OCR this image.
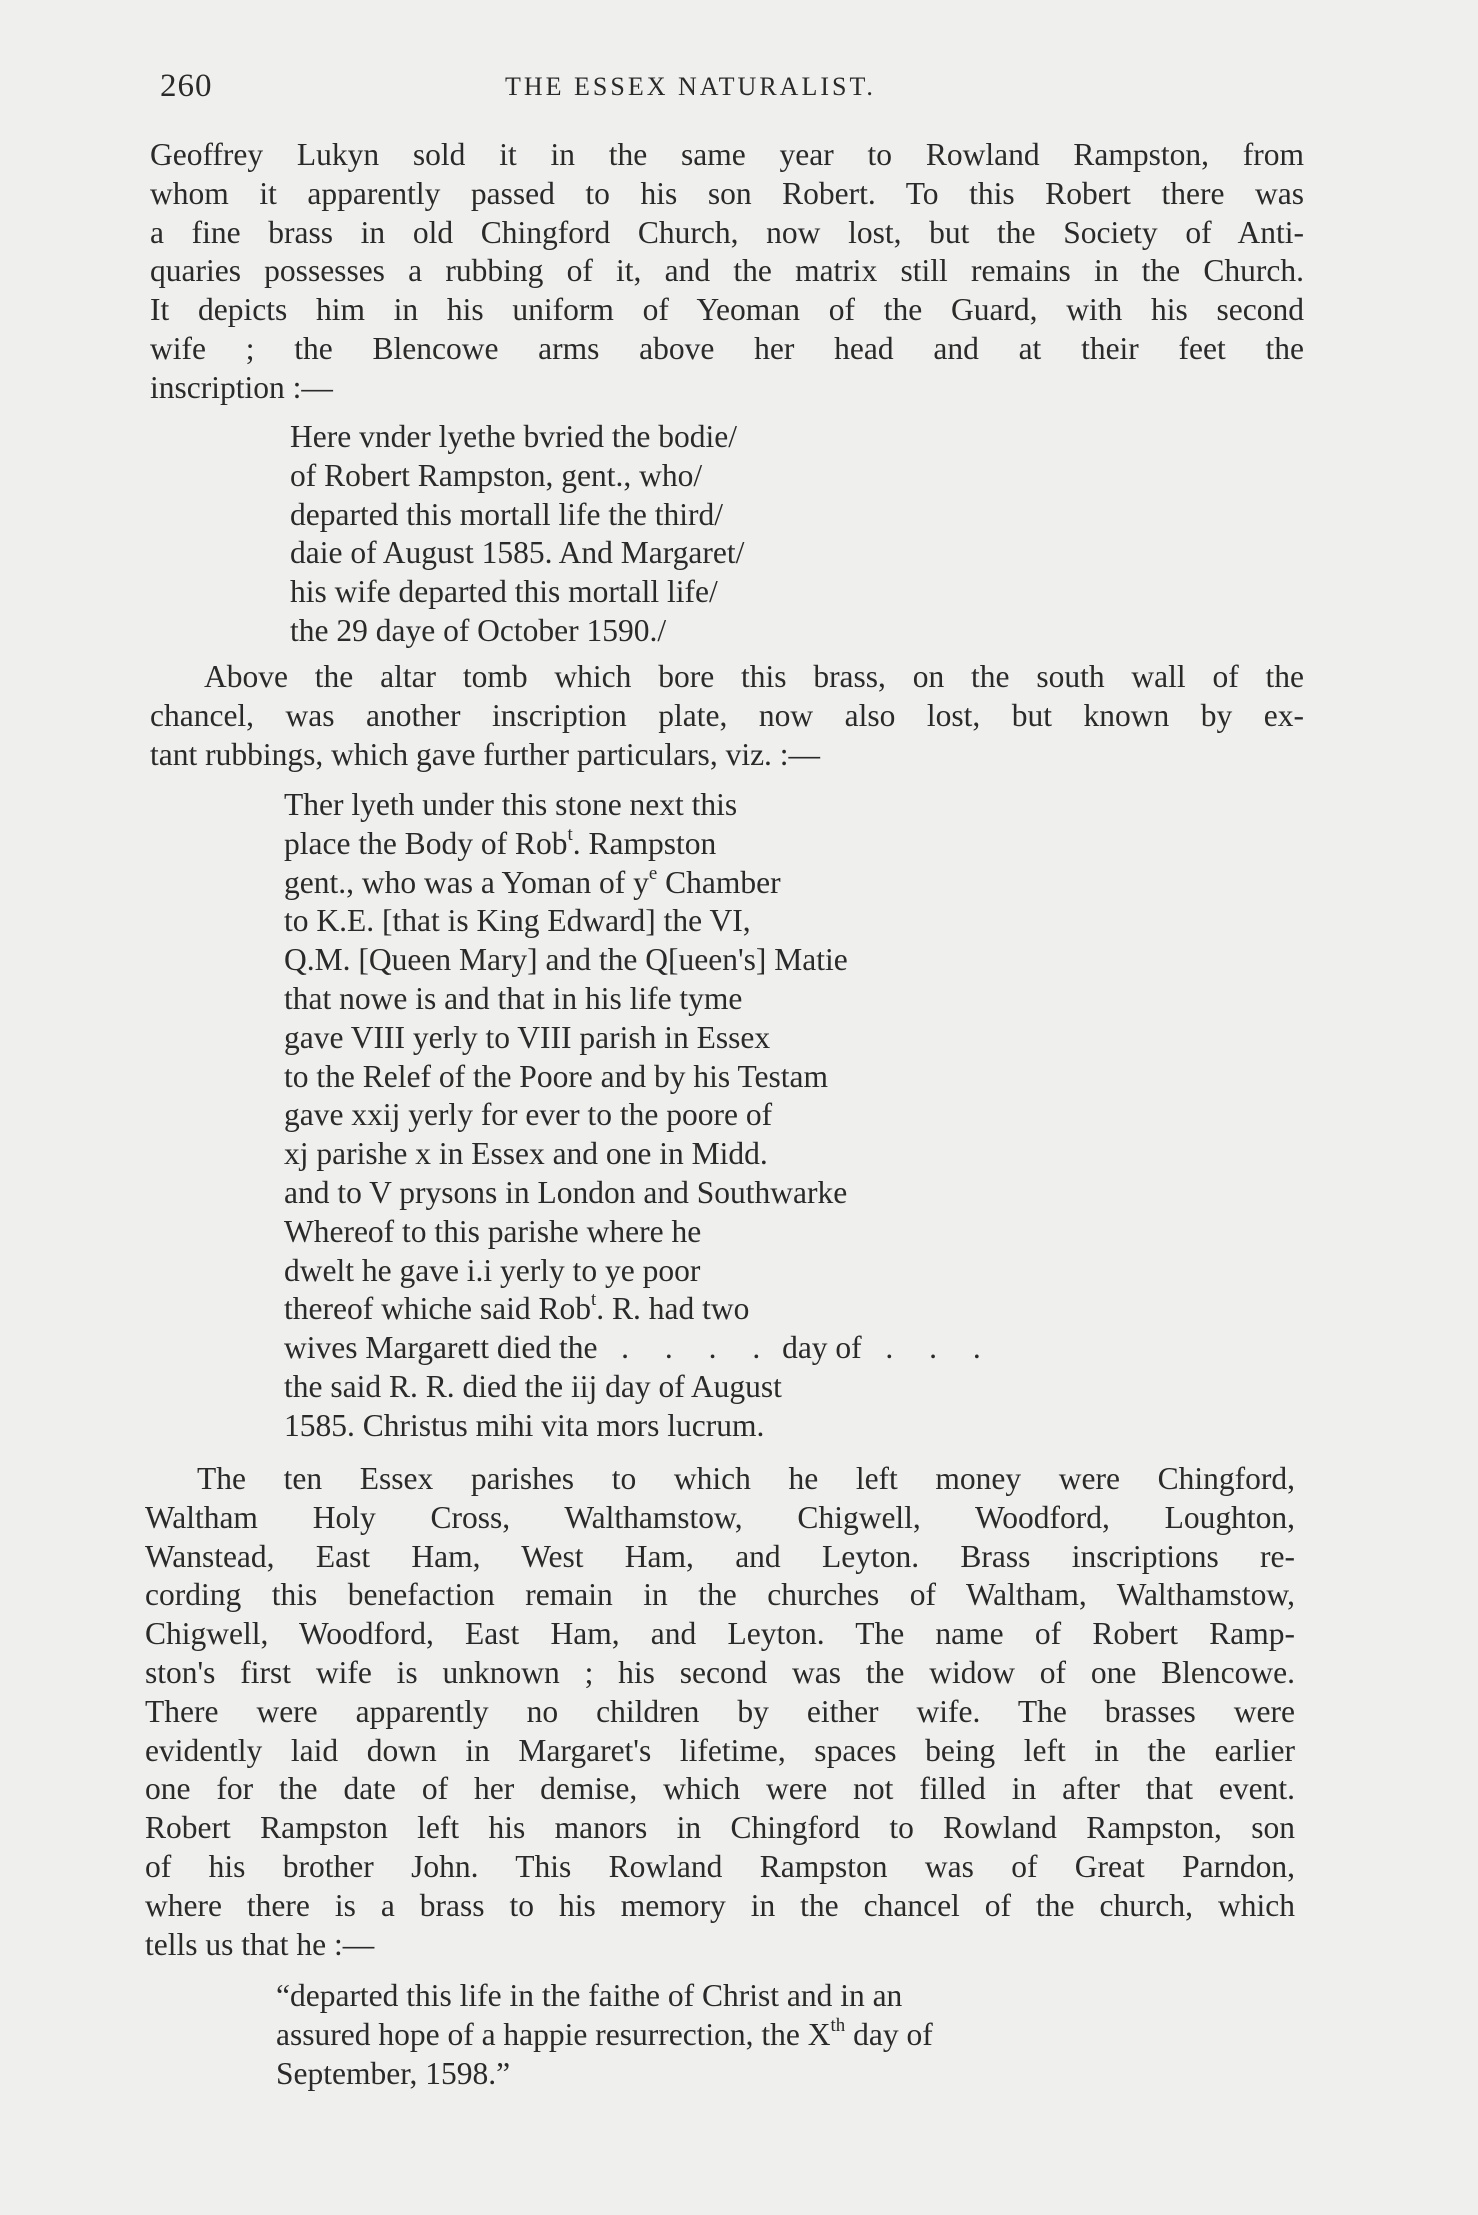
260	THE ESSEX NATURALIST.

Geoffrey Lukyn sold it in the same year to Rowland Rampston, from

whom it apparently passed to his son Robert. To this Robert there was

a fine brass in old Chingford Church, now lost, but the Society of Anti-

quaries possesses a rubbing of it, and the matrix still remains in the Church.

It depicts him in his uniform of Yeoman of the Guard, with his second

wife ; the Blencowe arms above her head and at their feet the

inscription :—

Here vnder lyethe bvried the bodie/

of Robert Rampston, gent., who/

departed this mortall life the third/

daie of August 1585. And Margaret/

his wife departed this mortall life/

the 29 daye of October 1590./

Above the altar tomb which bore this brass, on the south wall of the

chancel, was another inscription plate, now also lost, but known by ex-

tant rubbings, which gave further particulars, viz. :—

Ther lyeth under this stone next this

place the Body of Rob$^t$. Rampston

gent., who was a Yoman of $y^e$ Chamber

to K.E. [that is King Edward] the VI,

Q.M. [Queen Mary] and the Q[ueen's] Matie

that nowe is and that in his life tyme

gave VIII yerly to VIII parish in Essex

to the Relef of the Poore and by his Testam

gave xxij yerly for ever to the poore of

xj parishe x in Essex and one in Midd.

and to V prysons in London and Southwarke

Whereof to this parishe where he

dwelt he gave i.i yerly to ye poor

thereof whiche said Rob$^t$. R. had two

wives Margarett died the . . . . day of . . .

the said R. R. died the iij day of August

1585. Christus mihi vita mors lucrum.

The ten Essex parishes to which he left money were Chingford,

Waltham Holy Cross, Walthamstow, Chigwell, Woodford, Loughton,

Wanstead, East Ham, West Ham, and Leyton. Brass inscriptions re-

cording this benefaction remain in the churches of Waltham, Walthamstow,

Chigwell, Woodford, East Ham, and Leyton. The name of Robert Ramp-

ston's first wife is unknown ; his second was the widow of one Blencowe.

There were apparently no children by either wife. The brasses were

evidently laid down in Margaret's lifetime, spaces being left in the earlier

one for the date of her demise, which were not filled in after that event.

Robert Rampston left his manors in Chingford to Rowland Rampston, son

of his brother John. This Rowland Rampston was of Great Parndon,

where there is a brass to his memory in the chancel of the church, which

tells us that he :—

“departed this life in the faithe of Christ and in an

assured hope of a happie resurrection, the Xth day of

September, 1598.”
